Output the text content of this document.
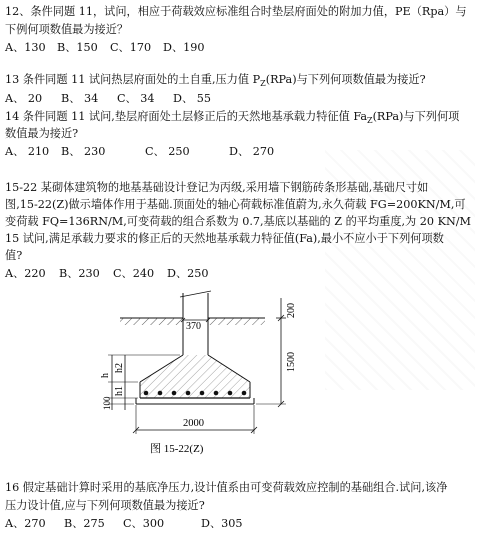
12、条件同题 11，试问，相应于荷载效应标准组合时垫层府面处的附加力值，PE（Rpa）与
下例何项数值最为接近？
A、130 B、150 C、170 D、190
13 条件同题 11 试问热层府面处的土自重,压力值 $P_Z(RPa)$与下列何项数值最为接近?
A、 20 B、 34 C、 34 D、 55
14 条件同题 11 试问,垫层府面处土层修正后的天然地基承载力特征值 $Fa_Z(RPa)$与下列何项
数值最为接近?
A、 210 B、 230	C、 250	D、 270
15-22 某砌体建筑物的地基基础设计登记为丙级,采用墙下钢筋砖条形基础,基础尺寸如
图,15-22(Z)做示墙体作用于基础.顶面处的轴心荷载标准值蔚为,永久荷载 FG=200KN/M,可
变荷载 FQ=136RN/M,可变荷载的组合系数为 0.7,基底以基础的 Z 的平均重度,为 20 KN/M
15 试问,满足承载力要求的修正后的天然地基承载力特征值(Fa),最小不应小于下列何项数
值?
A、220 B、230 C、240 D、250
370
h
h2
h1
100
200
1500
2000
图 15-22(Z)
16 假定基础计算时采用的基底净压力,设计值系由可变荷载效应控制的基础组合.试问,该净
压力设计值,应与下列何项数值最为接近?
A、270 B、275 C、300	D、305
